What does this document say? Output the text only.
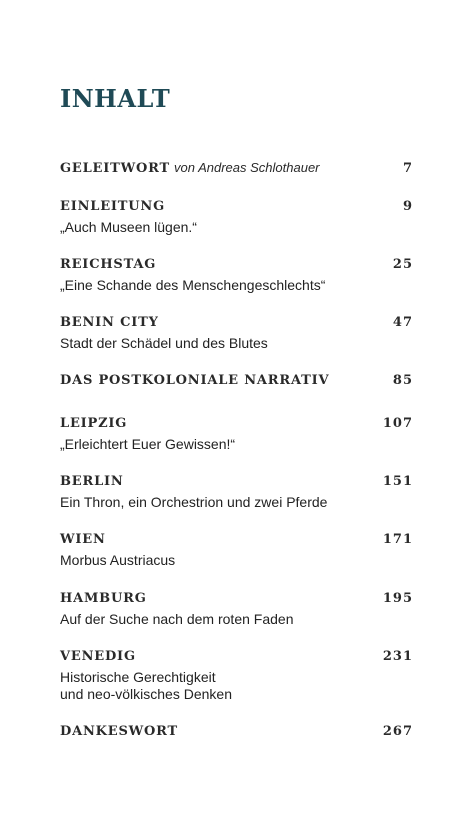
INHALT
GELEITWORT von Andreas Schlothauer	7
EINLEITUNG	9
„Auch Museen lügen.“
REICHSTAG	25
„Eine Schande des Menschengeschlechts“
BENIN CITY	47
Stadt der Schädel und des Blutes
DAS POSTKOLONIALE NARRATIV	85
LEIPZIG	107
„Erleichtert Euer Gewissen!“
BERLIN	151
Ein Thron, ein Orchestrion und zwei Pferde
WIEN	171
Morbus Austriacus
HAMBURG	195
Auf der Suche nach dem roten Faden
VENEDIG	231
Historische Gerechtigkeit
und neo-völkisches Denken
DANKESWORT	267
